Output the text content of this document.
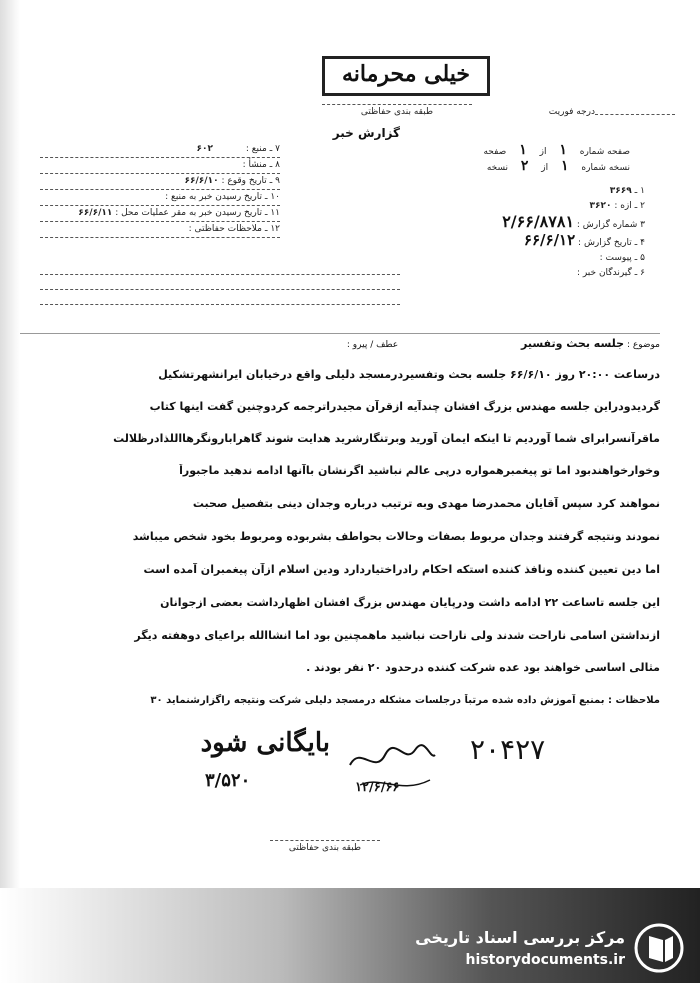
خیلی محرمانه
طبقه بندی حفاظتی	درجه فوریت
گزارش خبر
صفحه شماره ۱ از ۱ صفحه
نسخه شماره ۱ از ۲ نسخه
۱ ـ ۳۶۶۹
۲ ـ ازه : ۳۶۲۰
۳ شماره گزارش : ۲/۶۶/۸۷۸۱
۴ ـ تاریخ گزارش : ۶۶/۶/۱۲
۵ ـ پیوست :
۶ ـ گیرندگان خبر :
۷ ـ منبع : ۶۰۲
۸ ـ منشأ :
۹ ـ تاریخ وقوع : ۶۶/۶/۱۰
۱۰ ـ تاریخ رسیدن خبر به منبع :
۱۱ ـ تاریخ رسیدن خبر به مقر عملیات محل : ۶۶/۶/۱۱
۱۲ ـ ملاحظات حفاظتی :
موضوع : جلسه بحث وتفسیر عطف / پیرو :
درساعت ۲۰:۰۰ روز ۶۶/۶/۱۰ جلسه بحث وتفسیردرمسجد دلیلی واقع درخیابان ایرانشهرتشکیل
گردیدودراین جلسه مهندس بزرگ افشان چندآیه ازقرآن مجیدراترجمه کردوچنین گفت اینها کتاب
ماقرآنسرابرای شما آوردیم تا اینکه ایمان آورید وبرتنگارشرید هدایت شوند گاهرابارونگرهااللذادرظلالت
وخوارخواهندبود اما تو پیغمبرهمواره درپی عالم نباشید اگرنشان باآنها ادامه ندهید ماجبوراً
نمواهند کرد سپس آقایان محمدرضا مهدی وبه ترتیب درباره وجدان دینی بتفصیل صحبت
نمودند ونتیجه گرفتند وجدان مربوط بصفات وحالات بحواطف بشربوده ومربوط بخود شخص میباشد
اما دین تعیین کننده ونافذ کننده استکه احکام رادراختیاردارد ودین اسلام ازآن پیغمبران آمده است
این جلسه تاساعت ۲۲ ادامه داشت ودرپایان مهندس بزرگ افشان اظهارداشت بعضی ازجوانان
ازنداشتن اسامی ناراحت شدند ولی ناراحت نباشید ماهمچنین بود اما انشاالله براعیای دوهفته دیگر
مثالی اساسی خواهند بود عده شرکت کننده درحدود ۲۰ نفر بودند .
ملاحظات : بمنبع آموزش داده شده مرتباً درجلسات مشکله درمسجد دلیلی شرکت ونتیجه راگزارشنماید ۳۰
بایگانی شود
۳/۵۲۰	۱۲/۶/۶۶
۲۰۴۲۷
طبقه بندی حفاظتی
مرکز بررسی اسناد تاریخی
historydocuments.ir
